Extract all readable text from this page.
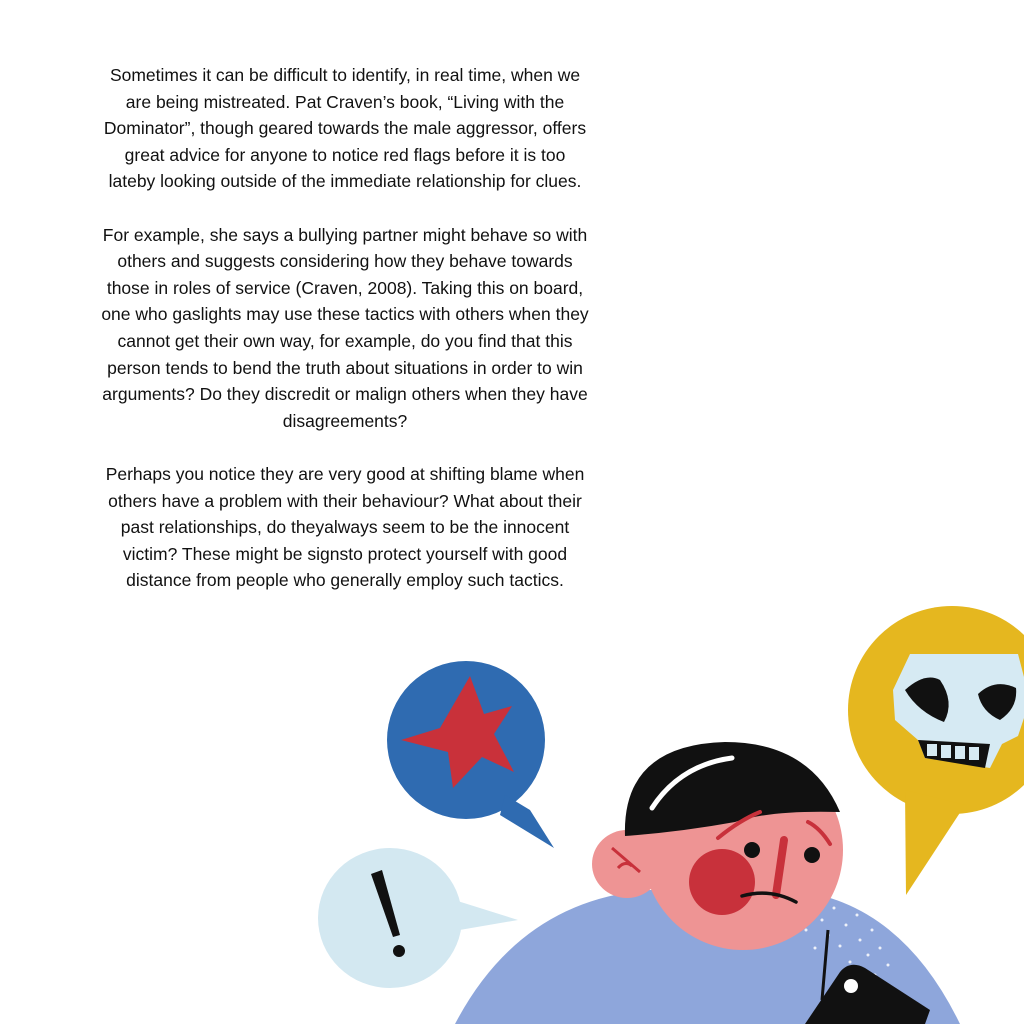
Sometimes it can be difficult to identify, in real time, when we are being mistreated. Pat Craven’s book, “Living with the Dominator”, though geared towards the male aggressor, offers great advice for anyone to notice red flags before it is too lateby looking outside of the immediate relationship for clues.

For example, she says a bullying partner might behave so with others and suggests considering how they behave towards those in roles of service (Craven, 2008). Taking this on board, one who gaslights may use these tactics with others when they cannot get their own way, for example, do you find that this person tends to bend the truth about situations in order to win arguments? Do they discredit or malign others when they have disagreements?

Perhaps you notice they are very good at shifting blame when others have a problem with their behaviour? What about their past relationships, do theyalways seem to be the innocent victim? These might be signsto protect yourself with good distance from people who generally employ such tactics.
